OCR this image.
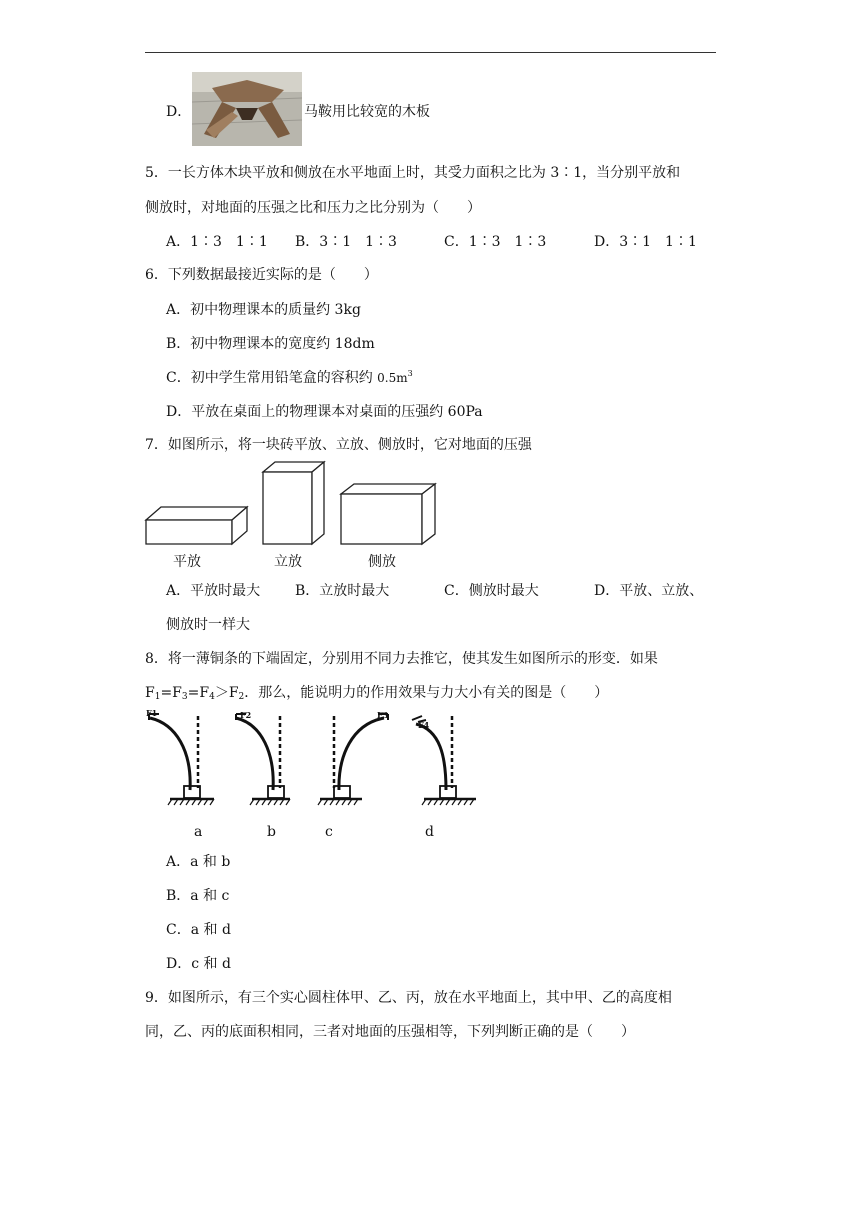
D．	马鞍用比较宽的木板
5．一长方体木块平放和侧放在水平地面上时，其受力面积之比为 3∶1，当分别平放和
侧放时，对地面的压强之比和压力之比分别为（　　）
A．1∶3　1∶1 B．3∶1　1∶3	C．1∶3　1∶3	D．3∶1　1∶1
6．下列数据最接近实际的是（　　）
A．初中物理课本的质量约 3kg
B．初中物理课本的宽度约 18dm
C．初中学生常用铅笔盒的容积约 $0.5m^3$
D．平放在桌面上的物理课本对桌面的压强约 60Pa
7．如图所示，将一块砖平放、立放、侧放时，它对地面的压强
平放	立放	侧放
A．平放时最大 B．立放时最大	C．侧放时最大	D．平放、立放、
侧放时一样大
8．将一薄铜条的下端固定，分别用不同力去推它，使其发生如图所示的形变．如果
$F_1=F_3=F_4>F_2$．那么，能说明力的作用效果与力大小有关的图是（　　）
F1	F2	F3
F4
a	b	c	d
A．a 和 b
B．a 和 c
C．a 和 d
D．c 和 d
9．如图所示，有三个实心圆柱体甲、乙、丙，放在水平地面上，其中甲、乙的高度相
同，乙、丙的底面积相同，三者对地面的压强相等，下列判断正确的是（　　）
